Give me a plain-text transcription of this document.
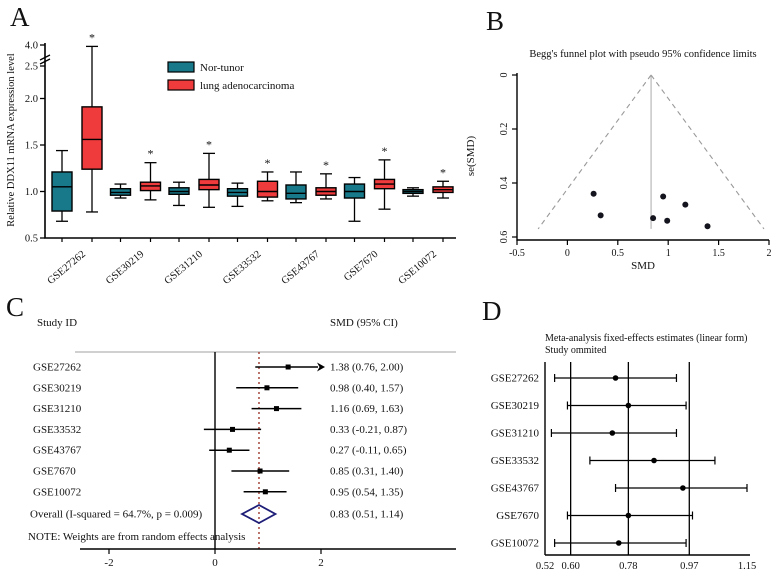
A	B
C	D
0.5
1.0
1.5
2.0
2.5
4.0
Relative DDX11 mRNA expression level
*
GSE27262
*
GSE30219
*
GSE31210
*
GSE33532
*
GSE43767
*
GSE7670
*
GSE10072
Nor-tunor
lung adenocarcinoma
Begg's funnel plot with pseudo 95% confidence limits
0
0.2
0.4
0.6
-0.5	0	0.5	1	1.5	2
SMD
se(SMD)
Study ID	SMD (95% CI)
GSE27262	1.38 (0.76, 2.00)
GSE30219	0.98 (0.40, 1.57)
GSE31210	1.16 (0.69, 1.63)
GSE33532	0.33 (-0.21, 0.87)
GSE43767	0.27 (-0.11, 0.65)
GSE7670	0.85 (0.31, 1.40)
GSE10072	0.95 (0.54, 1.35)
Overall (I-squared = 64.7%, p = 0.009)	0.83 (0.51, 1.14)
NOTE: Weights are from random effects analysis
-2	0	2
Meta-analysis fixed-effects estimates (linear form)
Study ommited
GSE27262
GSE30219
GSE31210
GSE33532
GSE43767
GSE7670
GSE10072
0.52 0.60	0.78	0.97	1.15
